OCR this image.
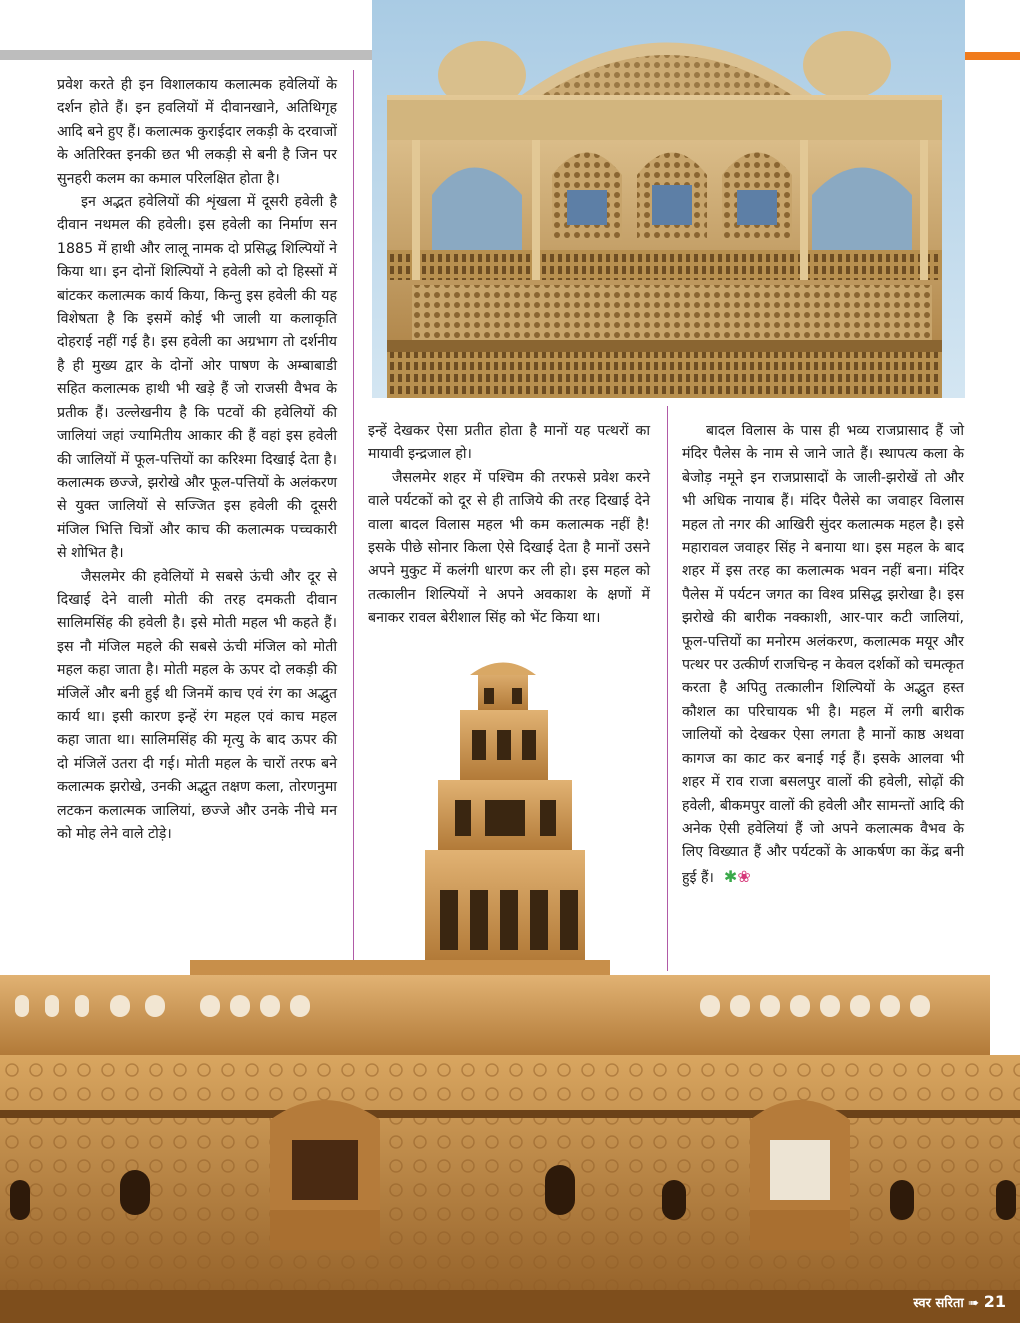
प्रवेश करते ही इन विशालकाय कलात्मक हवेलियों के दर्शन होते हैं। इन हवलियों में दीवानखाने, अतिथिगृह आदि बने हुए हैं। कलात्मक कुराईदार लकड़ी के दरवाजों के अतिरिक्त इनकी छत भी लकड़ी से बनी है जिन पर सुनहरी कलम का कमाल परिलक्षित होता है।

इन अद्भत हवेलियों की शृंखला में दूसरी हवेली है दीवान नथमल की हवेली। इस हवेली का निर्माण सन 1885 में हाथी और लालू नामक दो प्रसिद्ध शिल्पियों ने किया था। इन दोनों शिल्पियों ने हवेली को दो हिस्सों में बांटकर कलात्मक कार्य किया, किन्तु इस हवेली की यह विशेषता है कि इसमें कोई भी जाली या कलाकृति दोहराई नहीं गई है। इस हवेली का अग्रभाग तो दर्शनीय है ही मुख्य द्वार के दोनों ओर पाषण के अम्बाबाडी सहित कलात्मक हाथी भी खड़े हैं जो राजसी वैभव के प्रतीक हैं। उल्लेखनीय है कि पटवों की हवेलियों की जालियां जहां ज्यामितीय आकार की हैं वहां इस हवेली की जालियों में फूल-पत्तियों का करिश्मा दिखाई देता है। कलात्मक छज्जे, झरोखे और फूल-पत्तियों के अलंकरण से युक्त जालियों से सज्जित इस हवेली की दूसरी मंजिल भित्ति चित्रों और काच की कलात्मक पच्चकारी से शोभित है।

जैसलमेर की हवेलियों मे सबसे ऊंची और दूर से दिखाई देने वाली मोती की तरह दमकती दीवान सालिमसिंह की हवेली है। इसे मोती महल भी कहते हैं। इस नौ मंजिल महले की सबसे ऊंची मंजिल को मोती महल कहा जाता है। मोती महल के ऊपर दो लकड़ी की मंजिलें और बनी हुई थी जिनमें काच एवं रंग का अद्भुत कार्य था। इसी कारण इन्हें रंग महल एवं काच महल कहा जाता था। सालिमसिंह की मृत्यु के बाद ऊपर की दो मंजिलें उतरा दी गई। मोती महल के चारों तरफ बने कलात्मक झरोखे, उनकी अद्भुत तक्षण कला, तोरणनुमा लटकन कलात्मक जालियां, छज्जे और उनके नीचे मन को मोह लेने वाले टोड़े।

इन्हें देखकर ऐसा प्रतीत होता है मानों यह पत्थरों का मायावी इन्द्रजाल हो।

जैसलमेर शहर में पश्चिम की तरफसे प्रवेश करने वाले पर्यटकों को दूर से ही ताजिये की तरह दिखाई देने वाला बादल विलास महल भी कम कलात्मक नहीं है! इसके पीछे सोनार किला ऐसे दिखाई देता है मानों उसने अपने मुकुट में कलंगी धारण कर ली हो। इस महल को तत्कालीन शिल्पियों ने अपने अवकाश के क्षणों में बनाकर रावल बेरीशाल सिंह को भेंट किया था।

बादल विलास के पास ही भव्य राजप्रासाद हैं जो मंदिर पैलेस के नाम से जाने जाते हैं। स्थापत्य कला के बेजोड़ नमूने इन राजप्रासादों के जाली-झरोखें तो और भी अधिक नायाब हैं। मंदिर पैलेसे का जवाहर विलास महल तो नगर की आखिरी सुंदर कलात्मक महल है। इसे महारावल जवाहर सिंह ने बनाया था। इस महल के बाद शहर में इस तरह का कलात्मक भवन नहीं बना। मंदिर पैलेस में पर्यटन जगत का विश्व प्रसिद्ध झरोखा है। इस झरोखे की बारीक नक्काशी, आर-पार कटी जालियां, फूल-पत्तियों का मनोरम अलंकरण, कलात्मक मयूर और पत्थर पर उत्कीर्ण राजचिन्ह न केवल दर्शकों को चमत्कृत करता है अपितु तत्कालीन शिल्पियों के अद्भुत हस्त कौशल का परिचायक भी है। महल में लगी बारीक जालियों को देखकर ऐसा लगता है मानों काष्ठ अथवा कागज का काट कर बनाई गई हैं। इसके आलवा भी शहर में राव राजा बसलपुर वालों की हवेली, सोढ़ों की हवेली, बीकमपुर वालों की हवेली और सामन्तों आदि की अनेक ऐसी हवेलियां हैं जो अपने कलात्मक वैभव के लिए विख्यात हैं और पर्यटकों के आकर्षण का केंद्र बनी हुई हैं। ✱❀

स्वर सरिता ➠ 21
